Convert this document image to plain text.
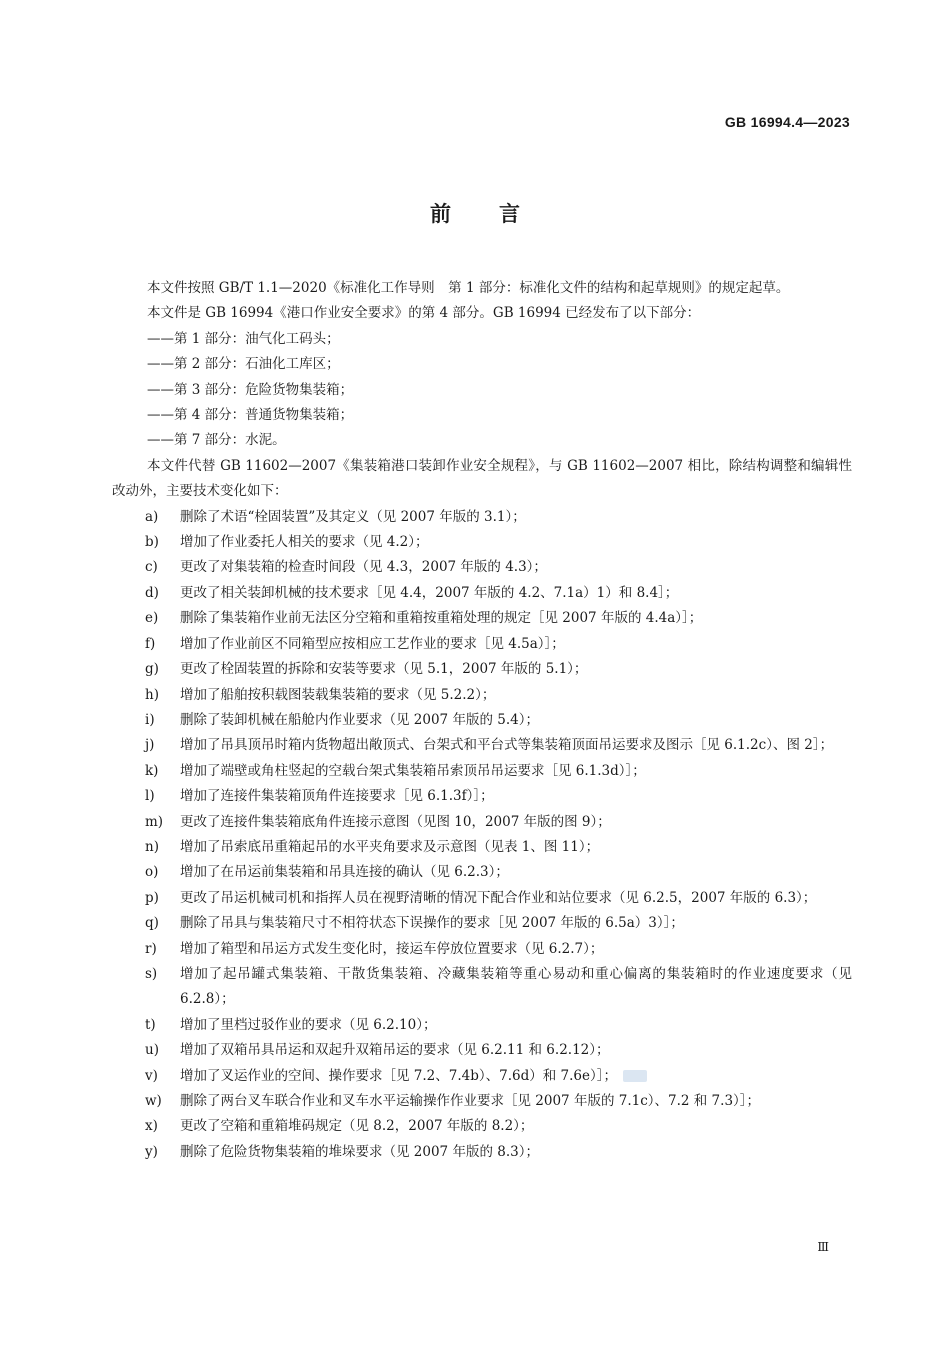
GB 16994.4—2023
前言
本文件按照 GB/T 1.1—2020《标准化工作导则　第 1 部分：标准化文件的结构和起草规则》的规定起草。
本文件是 GB 16994《港口作业安全要求》的第 4 部分。GB 16994 已经发布了以下部分：
——第 1 部分：油气化工码头；
——第 2 部分：石油化工库区；
——第 3 部分：危险货物集装箱；
——第 4 部分：普通货物集装箱；
——第 7 部分：水泥。
本文件代替 GB 11602—2007《集装箱港口装卸作业安全规程》，与 GB 11602—2007 相比，除结构调整和编辑性改动外，主要技术变化如下：
a) 删除了术语“栓固装置”及其定义（见 2007 年版的 3.1）；
b) 增加了作业委托人相关的要求（见 4.2）；
c) 更改了对集装箱的检查时间段（见 4.3，2007 年版的 4.3）；
d) 更改了相关装卸机械的技术要求［见 4.4，2007 年版的 4.2、7.1a）1）和 8.4］；
e) 删除了集装箱作业前无法区分空箱和重箱按重箱处理的规定［见 2007 年版的 4.4a）］；
f) 增加了作业前区不同箱型应按相应工艺作业的要求［见 4.5a）］；
g) 更改了栓固装置的拆除和安装等要求（见 5.1，2007 年版的 5.1）；
h) 增加了船舶按积载图装载集装箱的要求（见 5.2.2）；
i) 删除了装卸机械在船舱内作业要求（见 2007 年版的 5.4）；
j) 增加了吊具顶吊时箱内货物超出敞顶式、台架式和平台式等集装箱顶面吊运要求及图示［见 6.1.2c）、图 2］；
k) 增加了端壁或角柱竖起的空载台架式集装箱吊索顶吊吊运要求［见 6.1.3d）］；
l) 增加了连接件集装箱顶角件连接要求［见 6.1.3f）］；
m) 更改了连接件集装箱底角件连接示意图（见图 10，2007 年版的图 9）；
n) 增加了吊索底吊重箱起吊的水平夹角要求及示意图（见表 1、图 11）；
o) 增加了在吊运前集装箱和吊具连接的确认（见 6.2.3）；
p) 更改了吊运机械司机和指挥人员在视野清晰的情况下配合作业和站位要求（见 6.2.5，2007 年版的 6.3）；
q) 删除了吊具与集装箱尺寸不相符状态下误操作的要求［见 2007 年版的 6.5a）3）］；
r) 增加了箱型和吊运方式发生变化时，接运车停放位置要求（见 6.2.7）；
s) 增加了起吊罐式集装箱、干散货集装箱、冷藏集装箱等重心易动和重心偏离的集装箱时的作业速度要求（见 6.2.8）；
t) 增加了里档过驳作业的要求（见 6.2.10）；
u) 增加了双箱吊具吊运和双起升双箱吊运的要求（见 6.2.11 和 6.2.12）；
v) 增加了叉运作业的空间、操作要求［见 7.2、7.4b）、7.6d）和 7.6e）］；
w) 删除了两台叉车联合作业和叉车水平运输操作作业要求［见 2007 年版的 7.1c）、7.2 和 7.3）］；
x) 更改了空箱和重箱堆码规定（见 8.2，2007 年版的 8.2）；
y) 删除了危险货物集装箱的堆垛要求（见 2007 年版的 8.3）；
Ⅲ
